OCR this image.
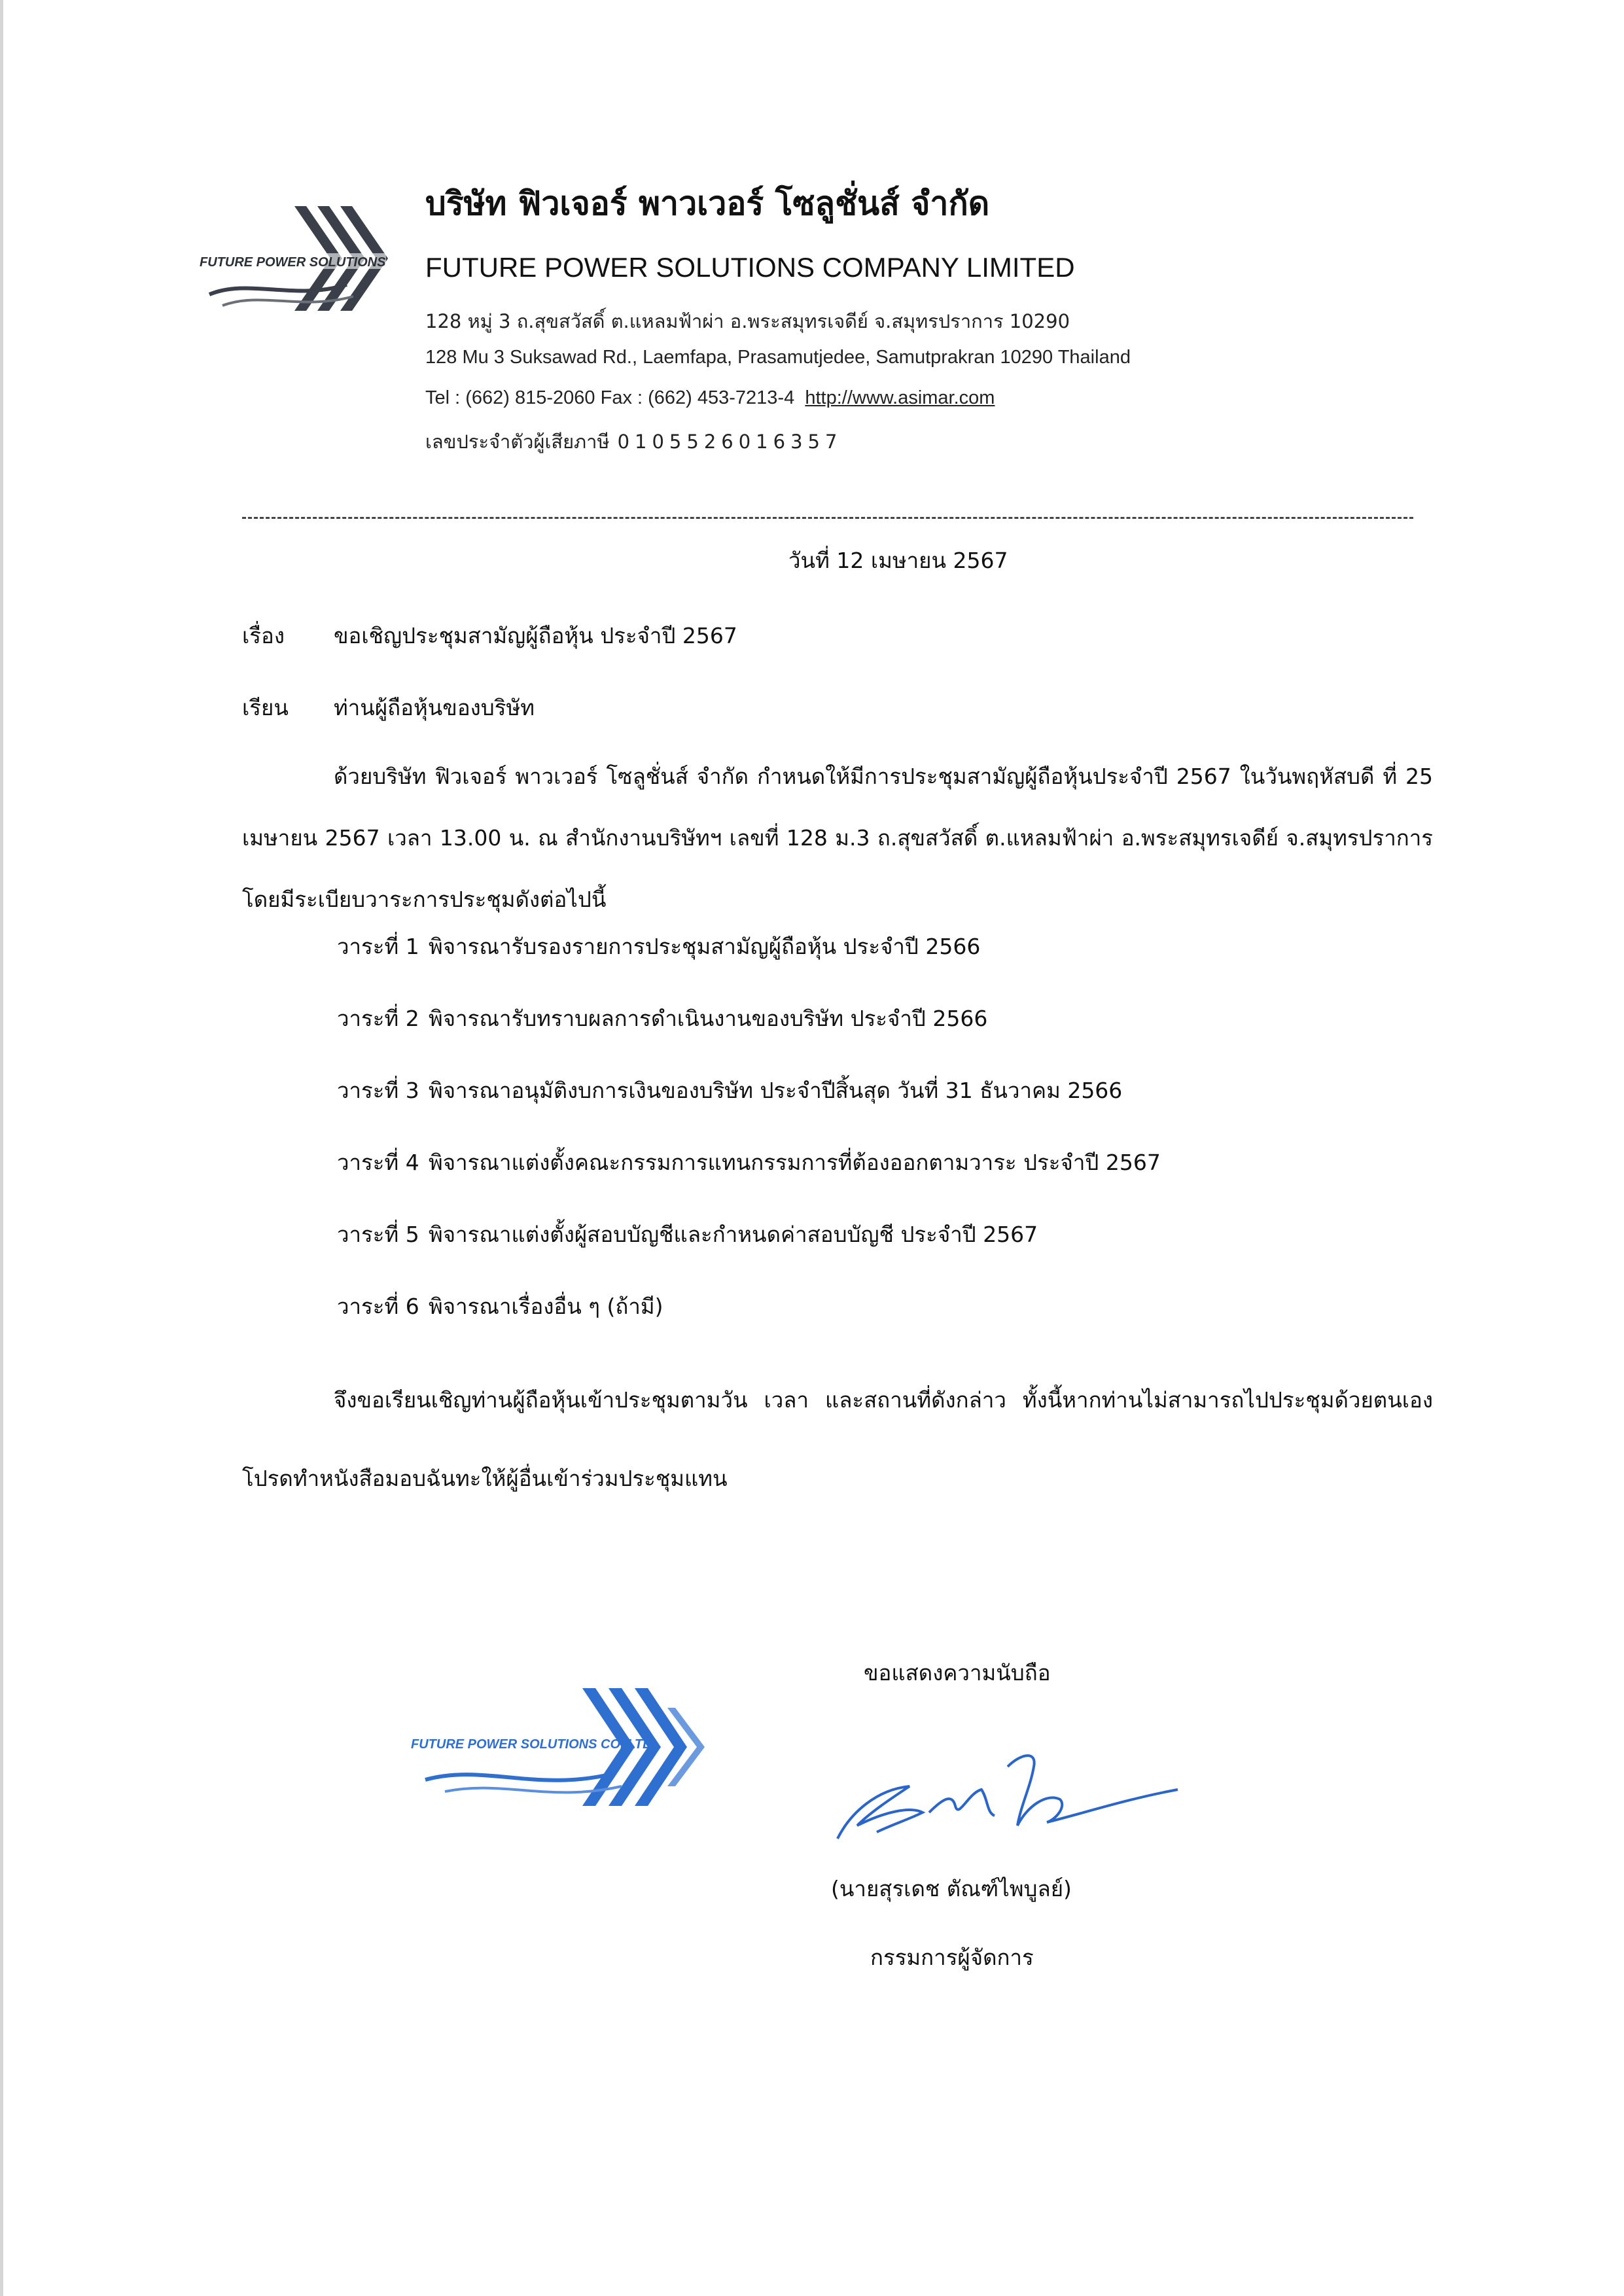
FUTURE POWER SOLUTIONS
บริษัท ฟิวเจอร์ พาวเวอร์ โซลูชั่นส์ จำกัด
FUTURE POWER SOLUTIONS COMPANY LIMITED
128 หมู่ 3 ถ.สุขสวัสดิ์ ต.แหลมฟ้าผ่า อ.พระสมุทรเจดีย์ จ.สมุทรปราการ 10290
128 Mu 3 Suksawad Rd., Laemfapa, Prasamutjedee, Samutprakran 10290 Thailand
Tel : (662) 815-2060 Fax : (662) 453-7213-4 http://www.asimar.com
เลขประจำตัวผู้เสียภาษี 0105526016357
วันที่ 12 เมษายน 2567
เรื่อง ขอเชิญประชุมสามัญผู้ถือหุ้น ประจำปี 2567
เรียน ท่านผู้ถือหุ้นของบริษัท
ด้วยบริษัท ฟิวเจอร์ พาวเวอร์ โซลูชั่นส์ จำกัด กำหนดให้มีการประชุมสามัญผู้ถือหุ้นประจำปี 2567 ในวันพฤหัสบดี ที่ 25 เมษายน 2567 เวลา 13.00 น. ณ สำนักงานบริษัทฯ เลขที่ 128 ม.3 ถ.สุขสวัสดิ์ ต.แหลมฟ้าผ่า อ.พระสมุทรเจดีย์ จ.สมุทรปราการ โดยมีระเบียบวาระการประชุมดังต่อไปนี้
วาระที่ 1 พิจารณารับรองรายการประชุมสามัญผู้ถือหุ้น ประจำปี 2566
วาระที่ 2 พิจารณารับทราบผลการดำเนินงานของบริษัท ประจำปี 2566
วาระที่ 3 พิจารณาอนุมัติงบการเงินของบริษัท ประจำปีสิ้นสุด วันที่ 31 ธันวาคม 2566
วาระที่ 4 พิจารณาแต่งตั้งคณะกรรมการแทนกรรมการที่ต้องออกตามวาระ ประจำปี 2567
วาระที่ 5 พิจารณาแต่งตั้งผู้สอบบัญชีและกำหนดค่าสอบบัญชี ประจำปี 2567
วาระที่ 6 พิจารณาเรื่องอื่น ๆ (ถ้ามี)
จึงขอเรียนเชิญท่านผู้ถือหุ้นเข้าประชุมตามวัน เวลา และสถานที่ดังกล่าว ทั้งนี้หากท่านไม่สามารถไปประชุมด้วยตนเอง โปรดทำหนังสือมอบฉันทะให้ผู้อื่นเข้าร่วมประชุมแทน
ขอแสดงความนับถือ
FUTURE POWER SOLUTIONS CO.,LTD.
(นายสุรเดช ตัณฑ์ไพบูลย์)
กรรมการผู้จัดการ
